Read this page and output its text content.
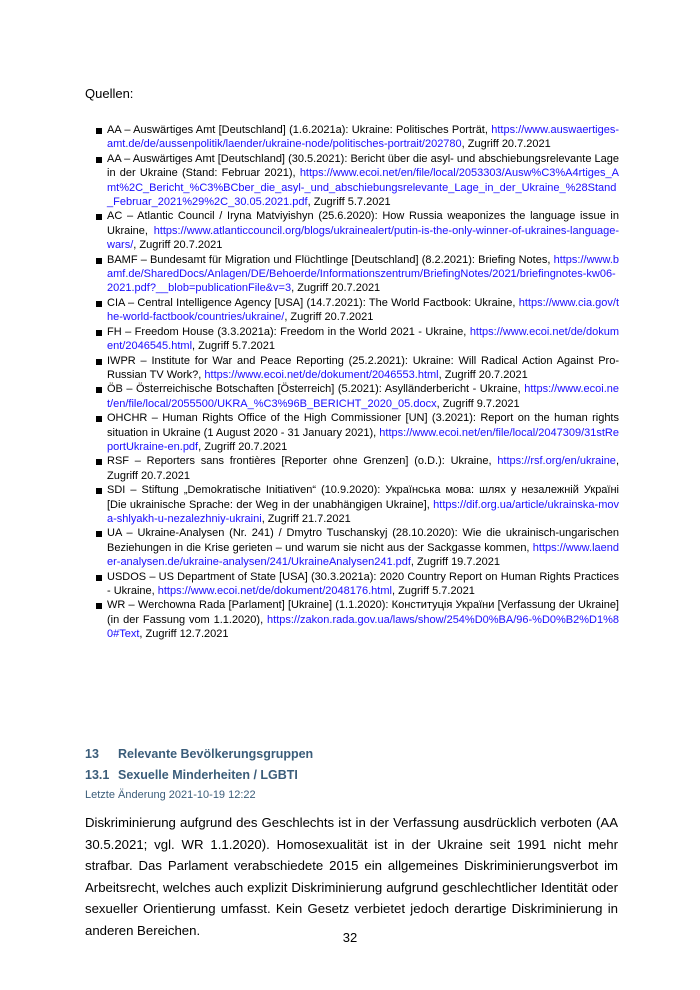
Quellen:
AA – Auswärtiges Amt [Deutschland] (1.6.2021a): Ukraine: Politisches Porträt, https://www.auswaertiges-amt.de/de/aussenpolitik/laender/ukraine-node/politisches-portrait/202780, Zugriff 20.7.2021
AA – Auswärtiges Amt [Deutschland] (30.5.2021): Bericht über die asyl- und abschiebungsrelevante Lage in der Ukraine (Stand: Februar 2021), https://www.ecoi.net/en/file/local/2053303/Ausw%C3%A4rtiges_Amt%2C_Bericht_%C3%BCber_die_asyl-_und_abschiebungsrelevante_Lage_in_der_Ukraine_%28Stand_Februar_2021%29%2C_30.05.2021.pdf, Zugriff 5.7.2021
AC – Atlantic Council / Iryna Matviyishyn (25.6.2020): How Russia weaponizes the language issue in Ukraine, https://www.atlanticcouncil.org/blogs/ukrainealert/putin-is-the-only-winner-of-ukraines-language-wars/, Zugriff 20.7.2021
BAMF – Bundesamt für Migration und Flüchtlinge [Deutschland] (8.2.2021): Briefing Notes, https://www.bamf.de/SharedDocs/Anlagen/DE/Behoerde/Informationszentrum/BriefingNotes/2021/briefingnotes-kw06-2021.pdf?__blob=publicationFile&v=3, Zugriff 20.7.2021
CIA – Central Intelligence Agency [USA] (14.7.2021): The World Factbook: Ukraine, https://www.cia.gov/the-world-factbook/countries/ukraine/, Zugriff 20.7.2021
FH – Freedom House (3.3.2021a): Freedom in the World 2021 - Ukraine, https://www.ecoi.net/de/dokument/2046545.html, Zugriff 5.7.2021
IWPR – Institute for War and Peace Reporting (25.2.2021): Ukraine: Will Radical Action Against Pro-Russian TV Work?, https://www.ecoi.net/de/dokument/2046553.html, Zugriff 20.7.2021
ÖB – Österreichische Botschaften [Österreich] (5.2021): Asylländerbericht - Ukraine, https://www.ecoi.net/en/file/local/2055500/UKRA_%C3%96B_BERICHT_2020_05.docx, Zugriff 9.7.2021
OHCHR – Human Rights Office of the High Commissioner [UN] (3.2021): Report on the human rights situation in Ukraine (1 August 2020 - 31 January 2021), https://www.ecoi.net/en/file/local/2047309/31stReportUkraine-en.pdf, Zugriff 20.7.2021
RSF – Reporters sans frontières [Reporter ohne Grenzen] (o.D.): Ukraine, https://rsf.org/en/ukraine, Zugriff 20.7.2021
SDI – Stiftung „Demokratische Initiativen“ (10.9.2020): Українська мова: шлях у незалежній Україні [Die ukrainische Sprache: der Weg in der unabhängigen Ukraine], https://dif.org.ua/article/ukrainska-mova-shlyakh-u-nezalezhniy-ukraini, Zugriff 21.7.2021
UA – Ukraine-Analysen (Nr. 241) / Dmytro Tuschanskyj (28.10.2020): Wie die ukrainisch-ungarischen Beziehungen in die Krise gerieten – und warum sie nicht aus der Sackgasse kommen, https://www.laender-analysen.de/ukraine-analysen/241/UkraineAnalysen241.pdf, Zugriff 19.7.2021
USDOS – US Department of State [USA] (30.3.2021a): 2020 Country Report on Human Rights Practices - Ukraine, https://www.ecoi.net/de/dokument/2048176.html, Zugriff 5.7.2021
WR – Werchowna Rada [Parlament] [Ukraine] (1.1.2020): Конституція України [Verfassung der Ukraine] (in der Fassung vom 1.1.2020), https://zakon.rada.gov.ua/laws/show/254%D0%BA/96-%D0%B2%D1%80#Text, Zugriff 12.7.2021
13 Relevante Bevölkerungsgruppen
13.1 Sexuelle Minderheiten / LGBTI
Letzte Änderung 2021-10-19 12:22

Diskriminierung aufgrund des Geschlechts ist in der Verfassung ausdrücklich verboten (AA 30.5.2021; vgl. WR 1.1.2020). Homosexualität ist in der Ukraine seit 1991 nicht mehr strafbar. Das Parlament verabschiedete 2015 ein allgemeines Diskriminierungsverbot im Arbeitsrecht, welches auch explizit Diskriminierung aufgrund geschlechtlicher Identität oder sexueller Orientierung umfasst. Kein Gesetz verbietet jedoch derartige Diskriminierung in anderen Bereichen.	32
